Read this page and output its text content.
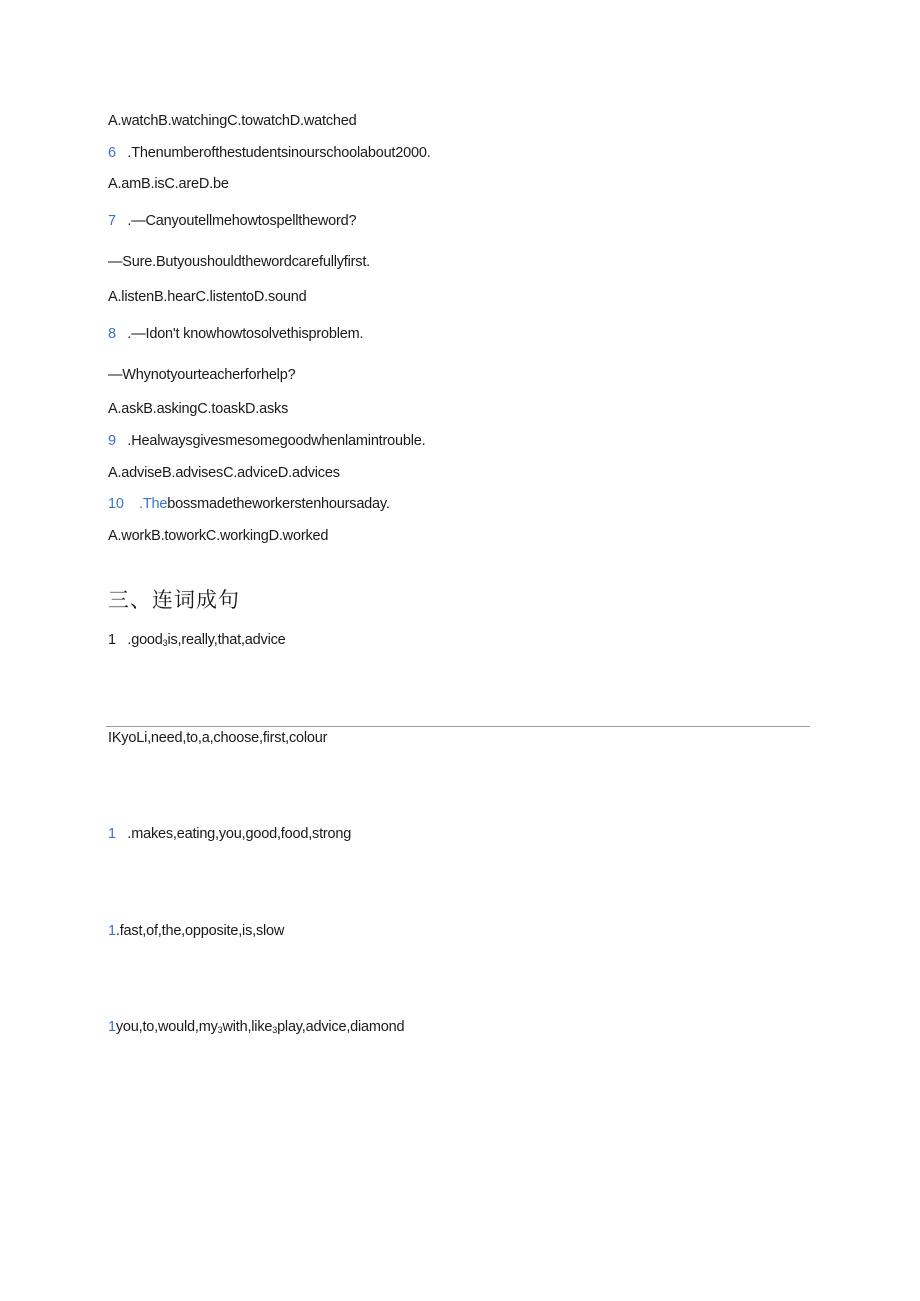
A.watchB.watchingC.towatchD.watched
6 .Thenumberofthestudentsinourschoolabout2000.
A.amB.isC.areD.be
7 .—Canyoutellmehowtospelltheword?
—Sure.Butyoushouldthewordcarefullyfirst.
A.listenB.hearC.listentoD.sound
8 .—Idon't knowhowtosolvethisproblem.
—Whynotyourteacherforhelp?
A.askB.askingC.toaskD.asks
9 .Healwaysgivesmesomegoodwhenlamintrouble.
A.adviseB.advisesC.adviceD.advices
10 .Thebossmadetheworkerstenhoursaday.
A.workB.toworkC.workingD.worked
三、连词成句
1 .good$_3$is,really,that,advice
IKyoLi,need,to,a,choose,first,colour
1 .makes,eating,you,good,food,strong
1.fast,of,the,opposite,is,slow
$1you,to,would,my_3with,like_3play,advice,diamond$
